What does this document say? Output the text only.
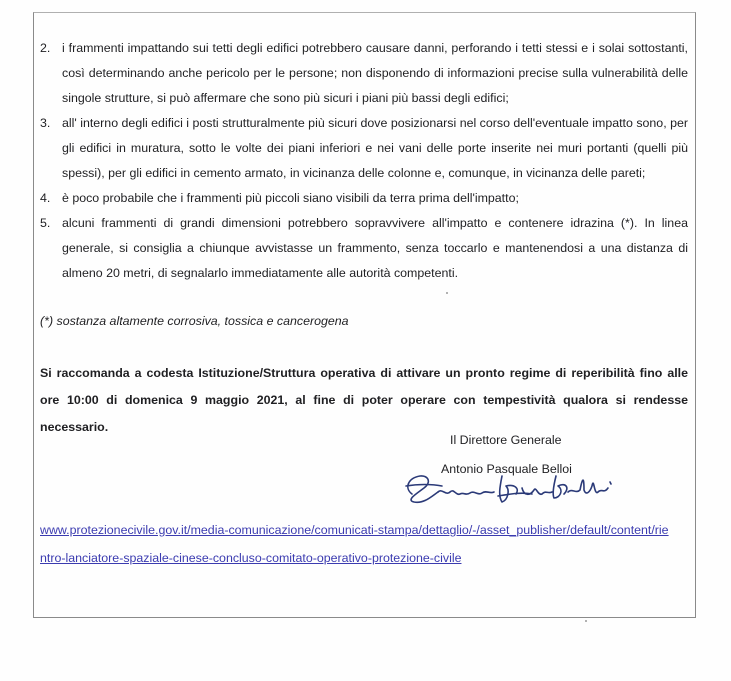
2. i frammenti impattando sui tetti degli edifici potrebbero causare danni, perforando i tetti stessi e i solai sottostanti, così determinando anche pericolo per le persone; non disponendo di informazioni precise sulla vulnerabilità delle singole strutture, si può affermare che sono più sicuri i piani più bassi degli edifici;
3. all' interno degli edifici i posti strutturalmente più sicuri dove posizionarsi nel corso dell'eventuale impatto sono, per gli edifici in muratura, sotto le volte dei piani inferiori e nei vani delle porte inserite nei muri portanti (quelli più spessi), per gli edifici in cemento armato, in vicinanza delle colonne e, comunque, in vicinanza delle pareti;
4. è poco probabile che i frammenti più piccoli siano visibili da terra prima dell'impatto;
5. alcuni frammenti di grandi dimensioni potrebbero sopravvivere all'impatto e contenere idrazina (*). In linea generale, si consiglia a chiunque avvistasse un frammento, senza toccarlo e mantenendosi a una distanza di almeno 20 metri, di segnalarlo immediatamente alle autorità competenti.

(*) sostanza altamente corrosiva, tossica e cancerogena

Si raccomanda a codesta Istituzione/Struttura operativa di attivare un pronto regime di reperibilità fino alle ore 10:00 di domenica 9 maggio 2021, al fine di poter operare con tempestività qualora si rendesse necessario.

Il Direttore Generale

Antonio Pasquale Belloi

www.protezionecivile.gov.it/media-comunicazione/comunicati-stampa/dettaglio/-/asset_publisher/default/content/rientro-lanciatore-spaziale-cinese-concluso-comitato-operativo-protezione-civile
